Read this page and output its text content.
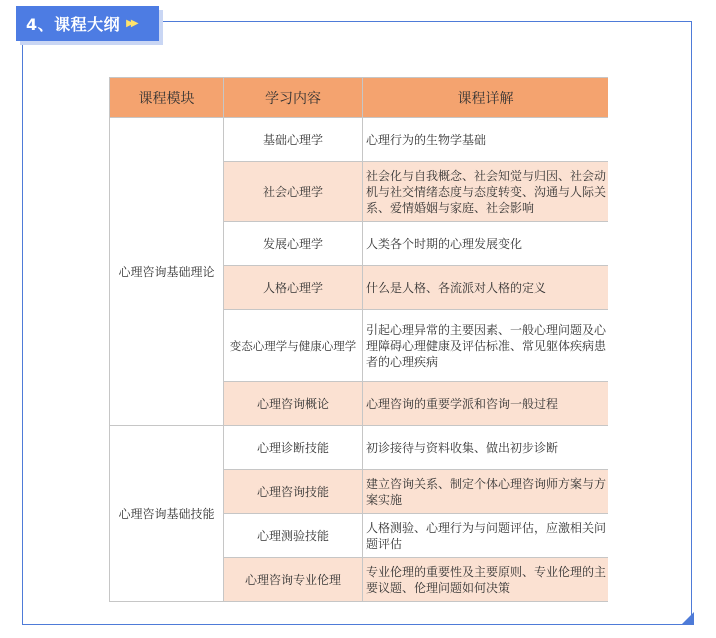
4、课程大纲 ▶▶
课程模块	学习内容	课程详解
心理咨询基础理论	基础心理学	心理行为的生物学基础
	社会心理学	社会化与自我概念、社会知觉与归因、社会动机与社交情绪态度与态度转变、沟通与人际关系、爱情婚姻与家庭、社会影响
	发展心理学	人类各个时期的心理发展变化
	人格心理学	什么是人格、各流派对人格的定义
	变态心理学与健康心理学	引起心理异常的主要因素、一般心理问题及心理障碍心理健康及评估标准、常见躯体疾病患者的心理疾病
	心理咨询概论	心理咨询的重要学派和咨询一般过程
心理咨询基础技能	心理诊断技能	初诊接待与资料收集、做出初步诊断
	心理咨询技能	建立咨询关系、制定个体心理咨询师方案与方案实施
	心理测验技能	人格测验、心理行为与问题评估，应激相关问题评估
	心理咨询专业伦理	专业伦理的重要性及主要原则、专业伦理的主要议题、伦理问题如何决策
